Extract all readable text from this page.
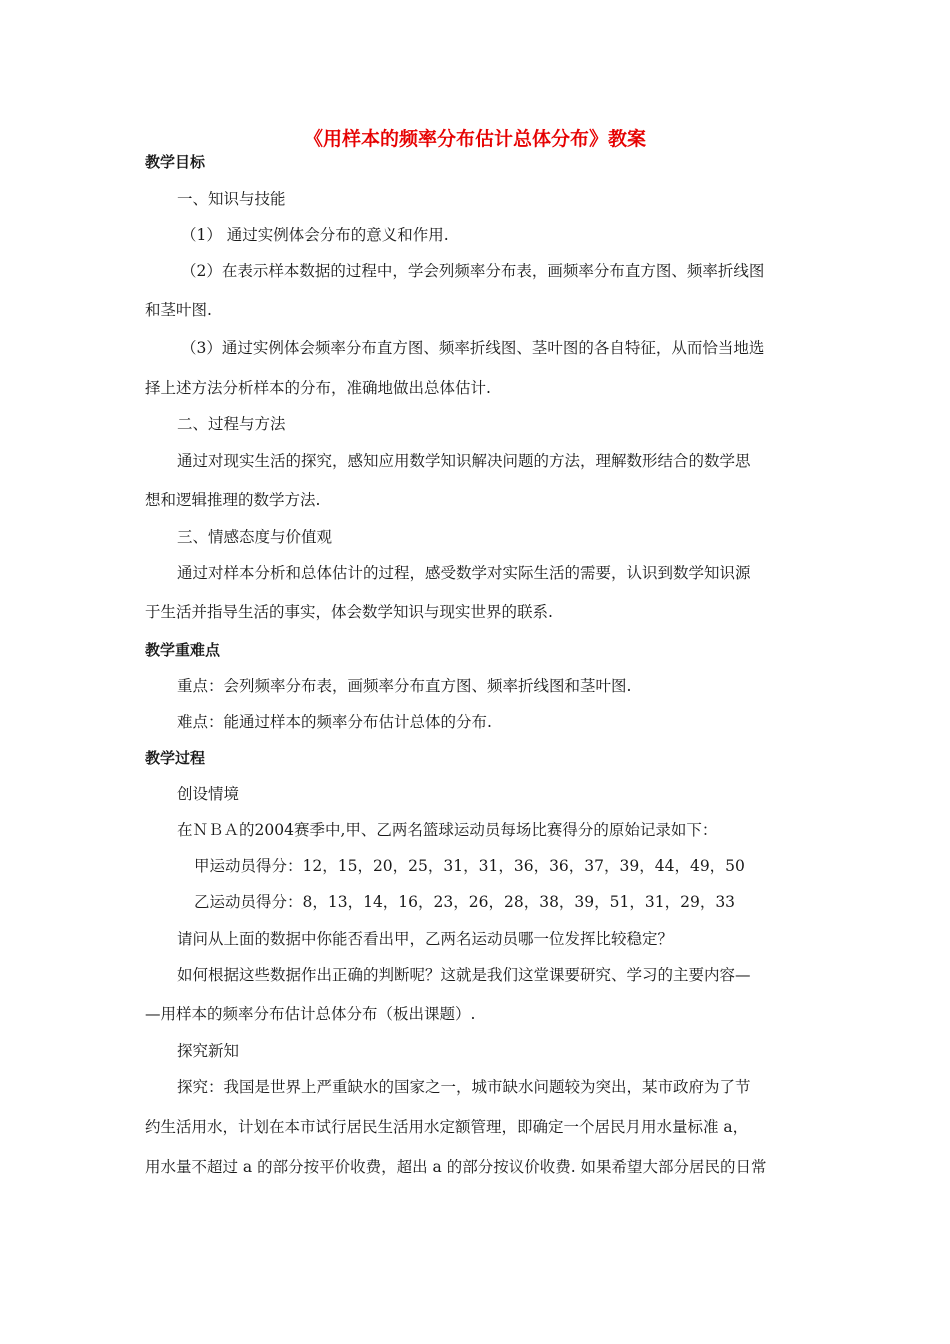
《用样本的频率分布估计总体分布》教案
教学目标
一、知识与技能
（1） 通过实例体会分布的意义和作用.
（2）在表示样本数据的过程中，学会列频率分布表，画频率分布直方图、频率折线图
和茎叶图.
（3）通过实例体会频率分布直方图、频率折线图、茎叶图的各自特征，从而恰当地选
择上述方法分析样本的分布，准确地做出总体估计.
二、过程与方法
通过对现实生活的探究，感知应用数学知识解决问题的方法，理解数形结合的数学思
想和逻辑推理的数学方法.
三、情感态度与价值观
通过对样本分析和总体估计的过程，感受数学对实际生活的需要，认识到数学知识源
于生活并指导生活的事实，体会数学知识与现实世界的联系.
教学重难点
重点：会列频率分布表，画频率分布直方图、频率折线图和茎叶图.
难点：能通过样本的频率分布估计总体的分布.
教学过程
创设情境
在ＮＢＡ的2004赛季中,甲、乙两名篮球运动员每场比赛得分的原始记录如下：
甲运动员得分：12，15，20，25，31，31，36，36，37，39，44，49，50
乙运动员得分：8，13，14，16，23，26，28，38，39，51，31，29，33
请问从上面的数据中你能否看出甲，乙两名运动员哪一位发挥比较稳定？
如何根据这些数据作出正确的判断呢？这就是我们这堂课要研究、学习的主要内容—
—用样本的频率分布估计总体分布（板出课题）.
探究新知
探究：我国是世界上严重缺水的国家之一，城市缺水问题较为突出，某市政府为了节
约生活用水，计划在本市试行居民生活用水定额管理，即确定一个居民月用水量标准 a，
用水量不超过 a 的部分按平价收费，超出 a 的部分按议价收费. 如果希望大部分居民的日常
